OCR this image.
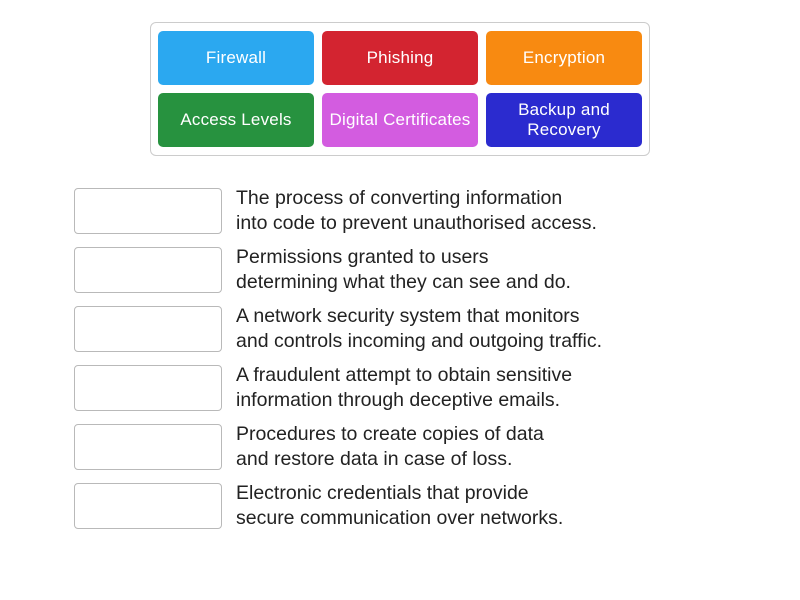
Firewall	Phishing	Encryption
Access Levels Digital Certificates
Backup and Recovery
The process of converting information
into code to prevent unauthorised access.
Permissions granted to users
determining what they can see and do.
A network security system that monitors
and controls incoming and outgoing traffic.
A fraudulent attempt to obtain sensitive
information through deceptive emails.
Procedures to create copies of data
and restore data in case of loss.
Electronic credentials that provide
secure communication over networks.
